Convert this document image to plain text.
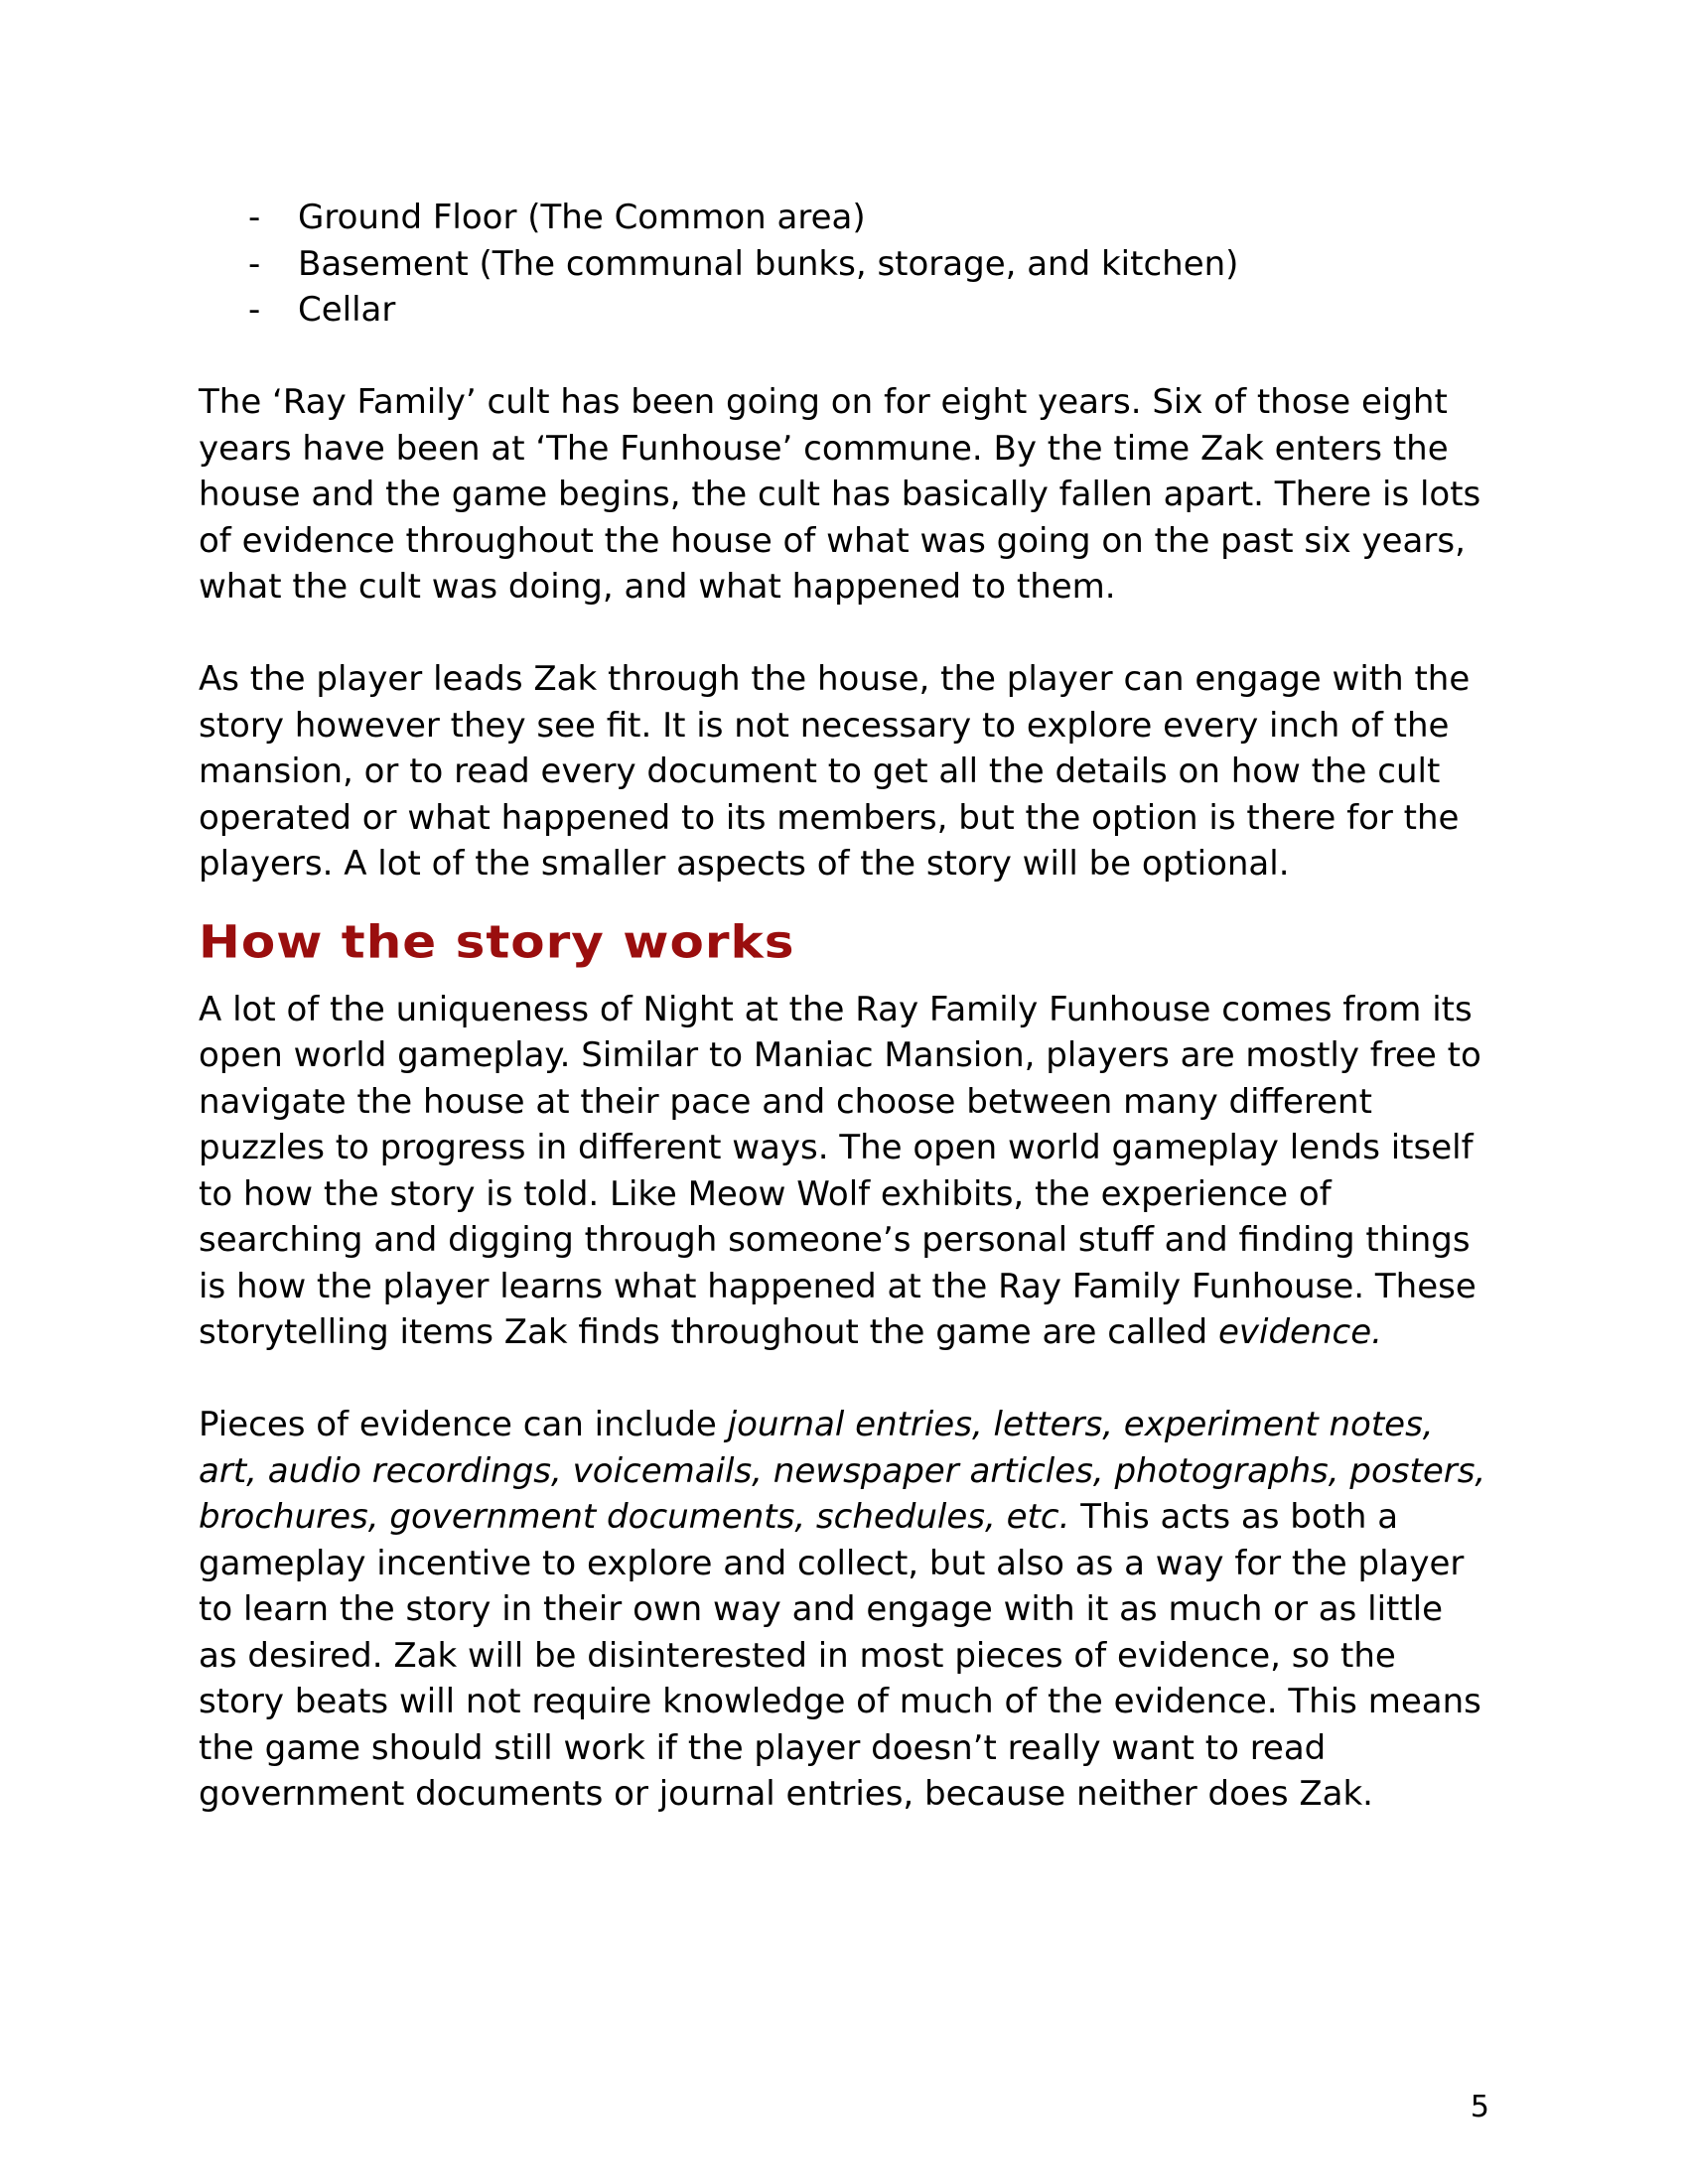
- Ground Floor (The Common area)
- Basement (The communal bunks, storage, and kitchen)
- Cellar

The ‘Ray Family’ cult has been going on for eight years. Six of those eight years have been at ‘The Funhouse’ commune. By the time Zak enters the house and the game begins, the cult has basically fallen apart. There is lots of evidence throughout the house of what was going on the past six years, what the cult was doing, and what happened to them.

As the player leads Zak through the house, the player can engage with the story however they see fit. It is not necessary to explore every inch of the mansion, or to read every document to get all the details on how the cult operated or what happened to its members, but the option is there for the players. A lot of the smaller aspects of the story will be optional.

How the story works

A lot of the uniqueness of Night at the Ray Family Funhouse comes from its open world gameplay. Similar to Maniac Mansion, players are mostly free to navigate the house at their pace and choose between many different puzzles to progress in different ways. The open world gameplay lends itself to how the story is told. Like Meow Wolf exhibits, the experience of searching and digging through someone’s personal stuff and finding things is how the player learns what happened at the Ray Family Funhouse. These storytelling items Zak finds throughout the game are called evidence.

Pieces of evidence can include journal entries, letters, experiment notes, art, audio recordings, voicemails, newspaper articles, photographs, posters, brochures, government documents, schedules, etc. This acts as both a gameplay incentive to explore and collect, but also as a way for the player to learn the story in their own way and engage with it as much or as little as desired. Zak will be disinterested in most pieces of evidence, so the story beats will not require knowledge of much of the evidence. This means the game should still work if the player doesn’t really want to read government documents or journal entries, because neither does Zak.

5
